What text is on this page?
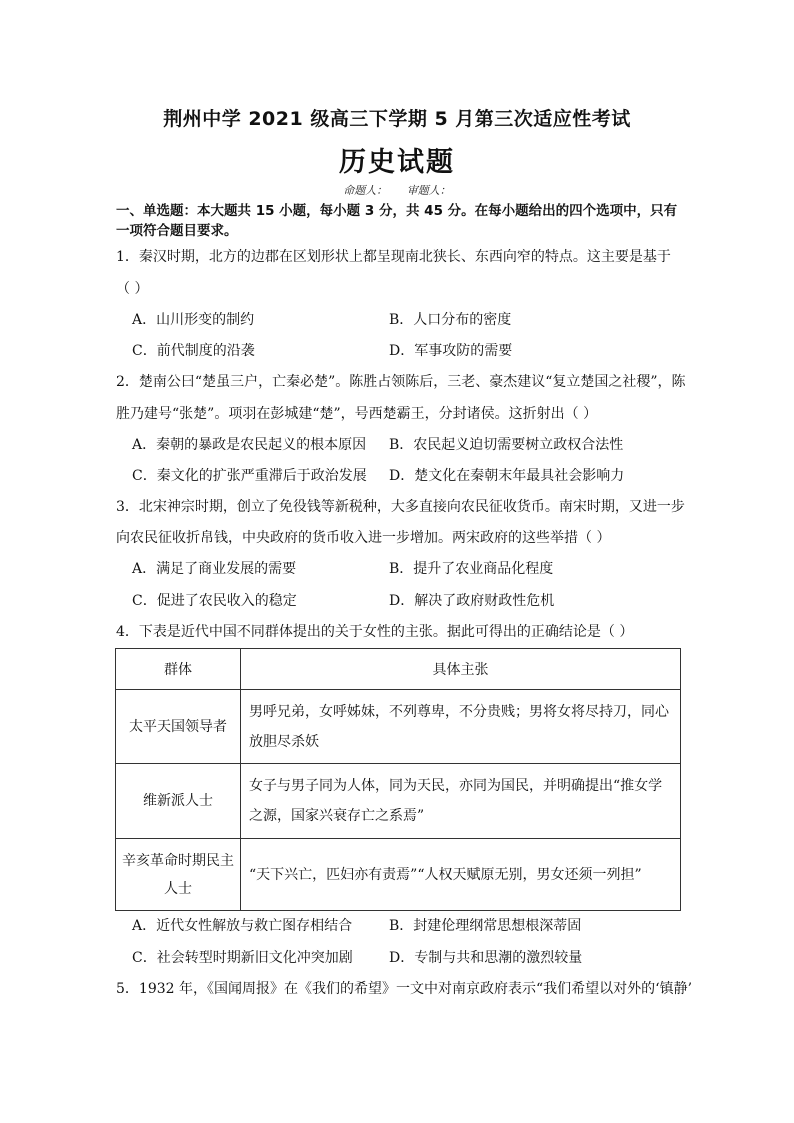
荆州中学 2021 级高三下学期 5 月第三次适应性考试
历史试题
命题人： 审题人：
一、单选题：本大题共 15 小题，每小题 3 分，共 45 分。在每小题给出的四个选项中，只有
一项符合题目要求。
1．秦汉时期，北方的边郡在区划形状上都呈现南北狭长、东西向窄的特点。这主要是基于
（ ）
A．山川形变的制约	B．人口分布的密度
C．前代制度的沿袭	D．军事攻防的需要
2．楚南公曰“楚虽三户，亡秦必楚”。陈胜占领陈后，三老、豪杰建议“复立楚国之社稷”，陈
胜乃建号“张楚”。项羽在彭城建“楚”，号西楚霸王，分封诸侯。这折射出（ ）
A．秦朝的暴政是农民起义的根本原因 B．农民起义迫切需要树立政权合法性
C．秦文化的扩张严重滞后于政治发展 D．楚文化在秦朝末年最具社会影响力
3．北宋神宗时期，创立了免役钱等新税种，大多直接向农民征收货币。南宋时期，又进一步
向农民征收折帛钱，中央政府的货币收入进一步增加。两宋政府的这些举措（ ）
A．满足了商业发展的需要	B．提升了农业商品化程度
C．促进了农民收入的稳定	D．解决了政府财政性危机
4．下表是近代中国不同群体提出的关于女性的主张。据此可得出的正确结论是（ ）
群体	具体主张
太平天国领导者	男呼兄弟，女呼姊妹，不列尊卑，不分贵贱；男将女将尽持刀，同心放胆尽杀妖
维新派人士	女子与男子同为人体，同为天民，亦同为国民，并明确提出“推女学之源，国家兴衰存亡之系焉”
辛亥革命时期民主人士	“天下兴亡，匹妇亦有责焉”“人权天赋原无别，男女还须一列担”
A．近代女性解放与救亡图存相结合	B．封建伦理纲常思想根深蒂固
C．社会转型时期新旧文化冲突加剧	D．专制与共和思潮的激烈较量
5．1932 年，《国闻周报》在《我们的希望》一文中对南京政府表示“我们希望以对外的‘镇静’
